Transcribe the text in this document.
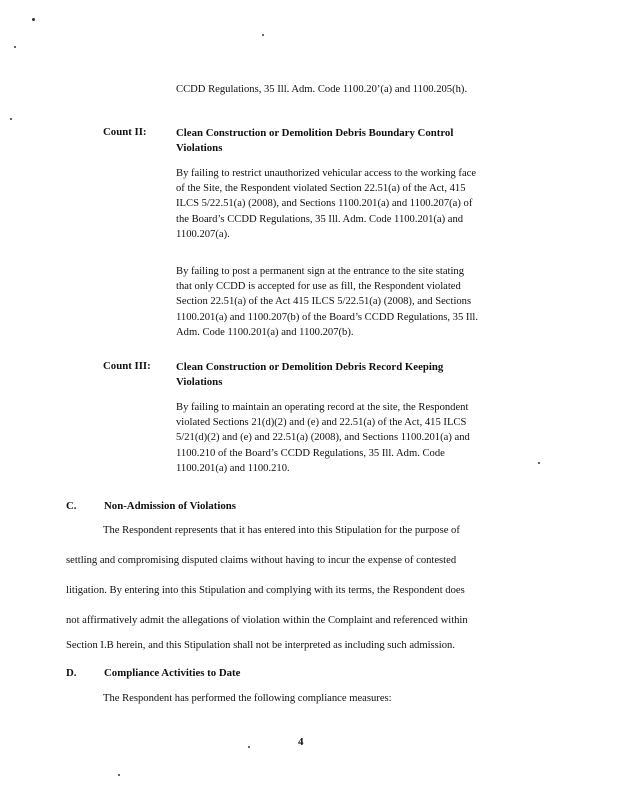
CCDD Regulations, 35 Ill. Adm. Code 1100.20’(a) and 1100.205(h).
Count II:	Clean Construction or Demolition Debris Boundary Control Violations
By failing to restrict unauthorized vehicular access to the working face of the Site, the Respondent violated Section 22.51(a) of the Act, 415 ILCS 5/22.51(a) (2008), and Sections 1100.201(a) and 1100.207(a) of the Board’s CCDD Regulations, 35 Ill. Adm. Code 1100.201(a) and 1100.207(a).
By failing to post a permanent sign at the entrance to the site stating that only CCDD is accepted for use as fill, the Respondent violated Section 22.51(a) of the Act 415 ILCS 5/22.51(a) (2008), and Sections 1100.201(a) and 1100.207(b) of the Board’s CCDD Regulations, 35 Ill. Adm. Code 1100.201(a) and 1100.207(b).
Count III: Clean Construction or Demolition Debris Record Keeping Violations
By failing to maintain an operating record at the site, the Respondent violated Sections 21(d)(2) and (e) and 22.51(a) of the Act, 415 ILCS 5/21(d)(2) and (e) and 22.51(a) (2008), and Sections 1100.201(a) and 1100.210 of the Board’s CCDD Regulations, 35 Ill. Adm. Code 1100.201(a) and 1100.210.
C.	Non-Admission of Violations
The Respondent represents that it has entered into this Stipulation for the purpose of
settling and compromising disputed claims without having to incur the expense of contested
litigation. By entering into this Stipulation and complying with its terms, the Respondent does
not affirmatively admit the allegations of violation within the Complaint and referenced within
Section I.B herein, and this Stipulation shall not be interpreted as including such admission.
D.	Compliance Activities to Date
The Respondent has performed the following compliance measures:
4
